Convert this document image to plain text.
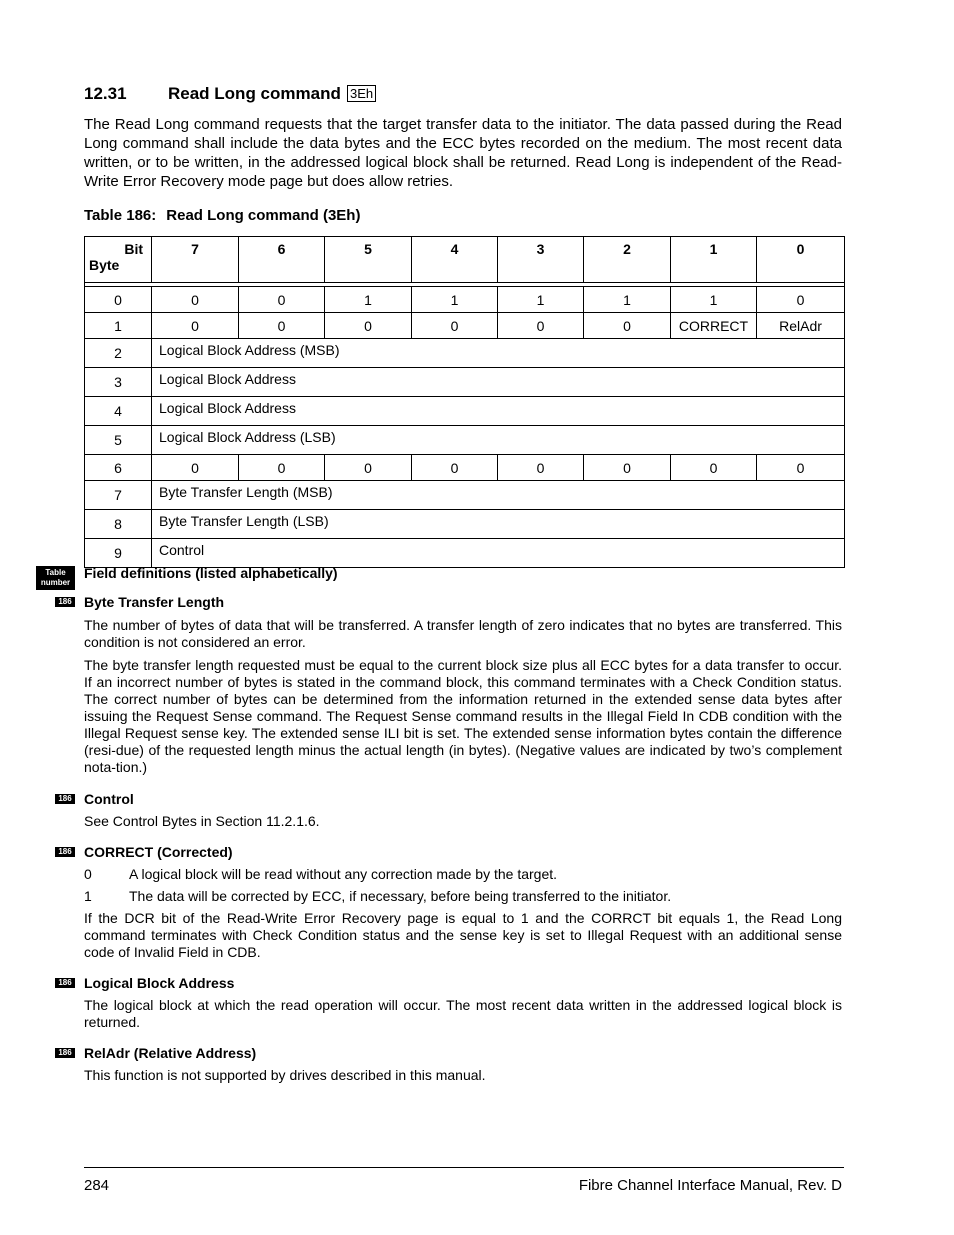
12.31 Read Long command 3Eh
The Read Long command requests that the target transfer data to the initiator. The data passed during the Read Long command shall include the data bytes and the ECC bytes recorded on the medium. The most recent data written, or to be written, in the addressed logical block shall be returned. Read Long is independent of the Read-Write Error Recovery mode page but does allow retries.
Table 186: Read Long command (3Eh)
Bit
Byte	7	6	5	4	3	2	1	0

0	0	0	1	1	1	1	1	0
1	0	0	0	0	0	0	CORRECT	RelAdr
2	Logical Block Address (MSB)							
3	Logical Block Address							
4	Logical Block Address							
5	Logical Block Address (LSB)							
6	0	0	0	0	0	0	0	0
7	Byte Transfer Length (MSB)							
8	Byte Transfer Length (LSB)							
9	Control							
Table
number
Field definitions (listed alphabetically)
186 Byte Transfer Length
The number of bytes of data that will be transferred. A transfer length of zero indicates that no bytes are transferred. This condition is not considered an error.
The byte transfer length requested must be equal to the current block size plus all ECC bytes for a data transfer to occur. If an incorrect number of bytes is stated in the command block, this command terminates with a Check Condition status. The correct number of bytes can be determined from the information returned in the extended sense data bytes after issuing the Request Sense command. The Request Sense command results in the Illegal Field In CDB condition with the Illegal Request sense key. The extended sense ILI bit is set. The extended sense information bytes contain the difference (resi-due) of the requested length minus the actual length (in bytes). (Negative values are indicated by two’s complement nota-tion.)
186 Control
See Control Bytes in Section 11.2.1.6.
186 CORRECT (Corrected)
0	A logical block will be read without any correction made by the target.
1	The data will be corrected by ECC, if necessary, before being transferred to the initiator.
If the DCR bit of the Read-Write Error Recovery page is equal to 1 and the CORRCT bit equals 1, the Read Long command terminates with Check Condition status and the sense key is set to Illegal Request with an additional sense code of Invalid Field in CDB.
186 Logical Block Address
The logical block at which the read operation will occur. The most recent data written in the addressed logical block is returned.
186 RelAdr (Relative Address)
This function is not supported by drives described in this manual.
284	Fibre Channel Interface Manual, Rev. D
